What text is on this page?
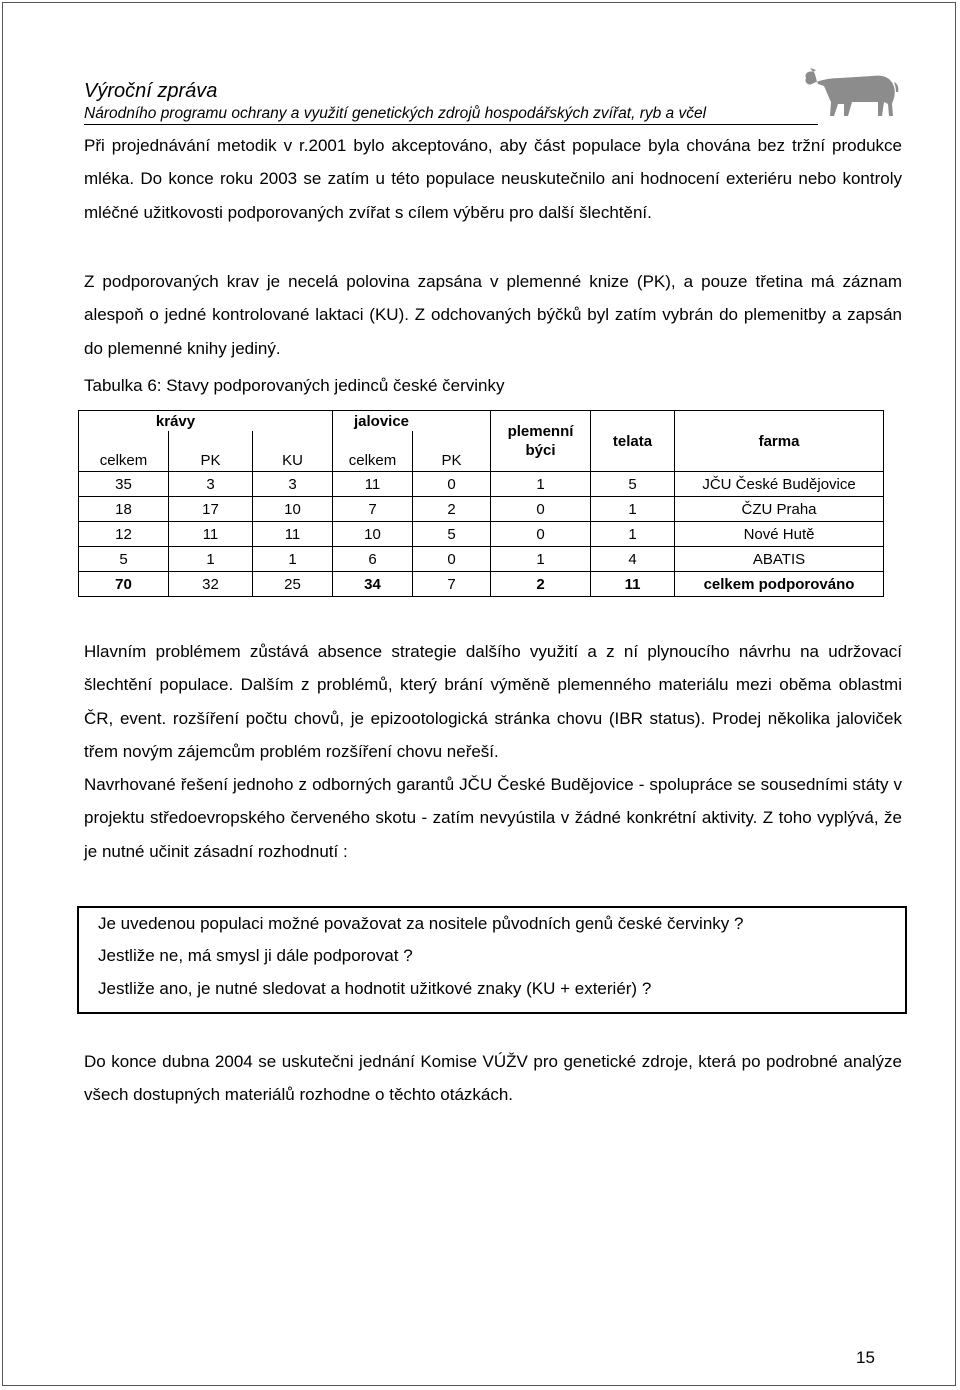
Výroční zpráva
Národního programu ochrany a využití genetických zdrojů hospodářských zvířat, ryb a včel

Při projednávání metodik v r.2001 bylo akceptováno, aby část populace byla chována bez tržní produkce mléka. Do konce roku 2003 se zatím u této populace neuskutečnilo ani hodnocení exteriéru nebo kontroly mléčné užitkovosti podporovaných zvířat s cílem výběru pro další šlechtění.

Z podporovaných krav je necelá polovina zapsána v plemenné knize (PK), a pouze třetina má záznam alespoň o jedné kontrolované laktaci (KU). Z odchovaných býčků byl zatím vybrán do plemenitby a zapsán do plemenné knihy jediný.

Tabulka 6: Stavy podporovaných jedinců české červinky
krávy			jalovice		plemenní býci	telata	farma
celkem	PK	KU	celkem	PK			
35	3	3	11	0	1	5	JČU České Budějovice
18	17	10	7	2	0	1	ČZU Praha
12	11	11	10	5	0	1	Nové Hutě
5	1	1	6	0	1	4	ABATIS
70	32	25	34	7	2	11	celkem podporováno

Hlavním problémem zůstává absence strategie dalšího využití a z ní plynoucího návrhu na udržovací šlechtění populace. Dalším z problémů, který brání výměně plemenného materiálu mezi oběma oblastmi ČR, event. rozšíření počtu chovů, je epizootologická stránka chovu (IBR status). Prodej několika jaloviček třem novým zájemcům problém rozšíření chovu neřeší.

Navrhované řešení jednoho z odborných garantů JČU České Budějovice - spolupráce se sousedními státy v projektu středoevropského červeného skotu - zatím nevyústila v žádné konkrétní aktivity. Z toho vyplývá, že je nutné učinit zásadní rozhodnutí :

Je uvedenou populaci možné považovat za nositele původních genů české červinky ?
Jestliže ne, má smysl ji dále podporovat ?
Jestliže ano, je nutné sledovat a hodnotit užitkové znaky (KU + exteriér) ?

Do konce dubna 2004 se uskutečni jednání Komise VÚŽV pro genetické zdroje, která po podrobné analýze všech dostupných materiálů rozhodne o těchto otázkách.

15
